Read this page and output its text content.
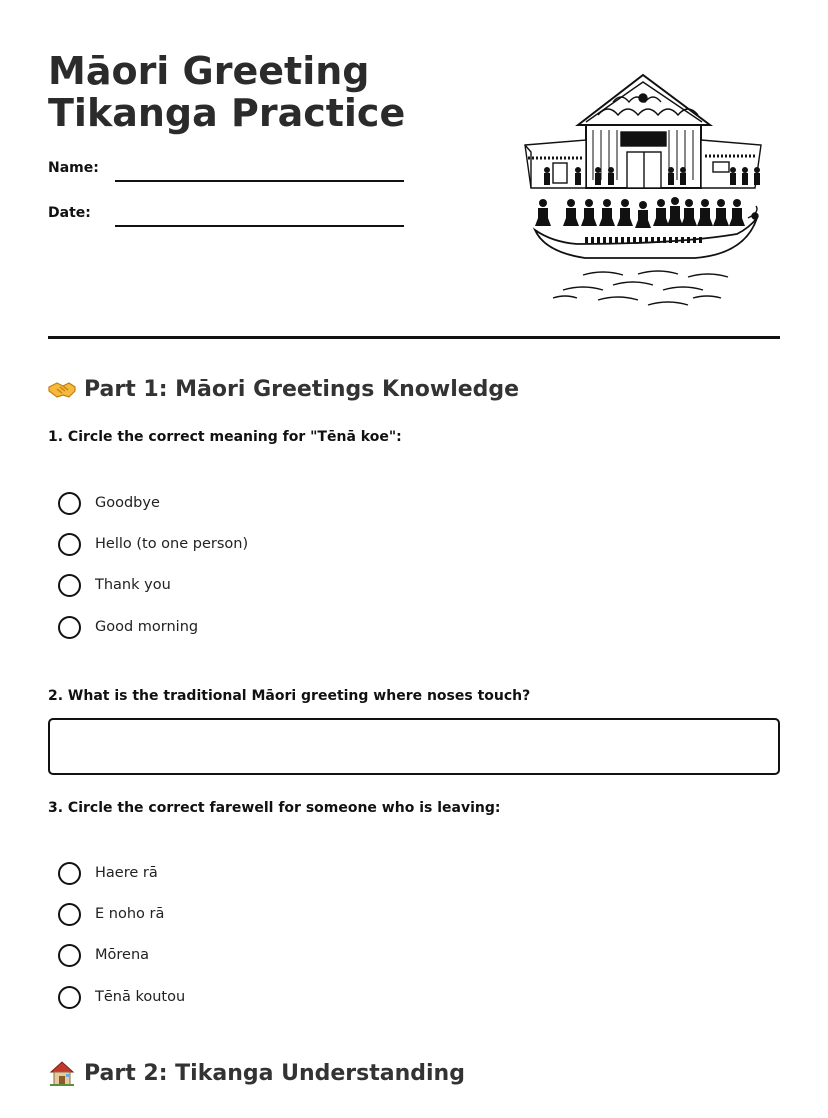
Māori Greeting Tikanga Practice
Name:
Date:
Part 1: Māori Greetings Knowledge

1. Circle the correct meaning for "Tēnā koe":

Goodbye
Hello (to one person)
Thank you
Good morning

2. What is the traditional Māori greeting where noses touch?

3. Circle the correct farewell for someone who is leaving:

Haere rā
E noho rā
Mōrena
Tēnā koutou
Part 2: Tikanga Understanding
